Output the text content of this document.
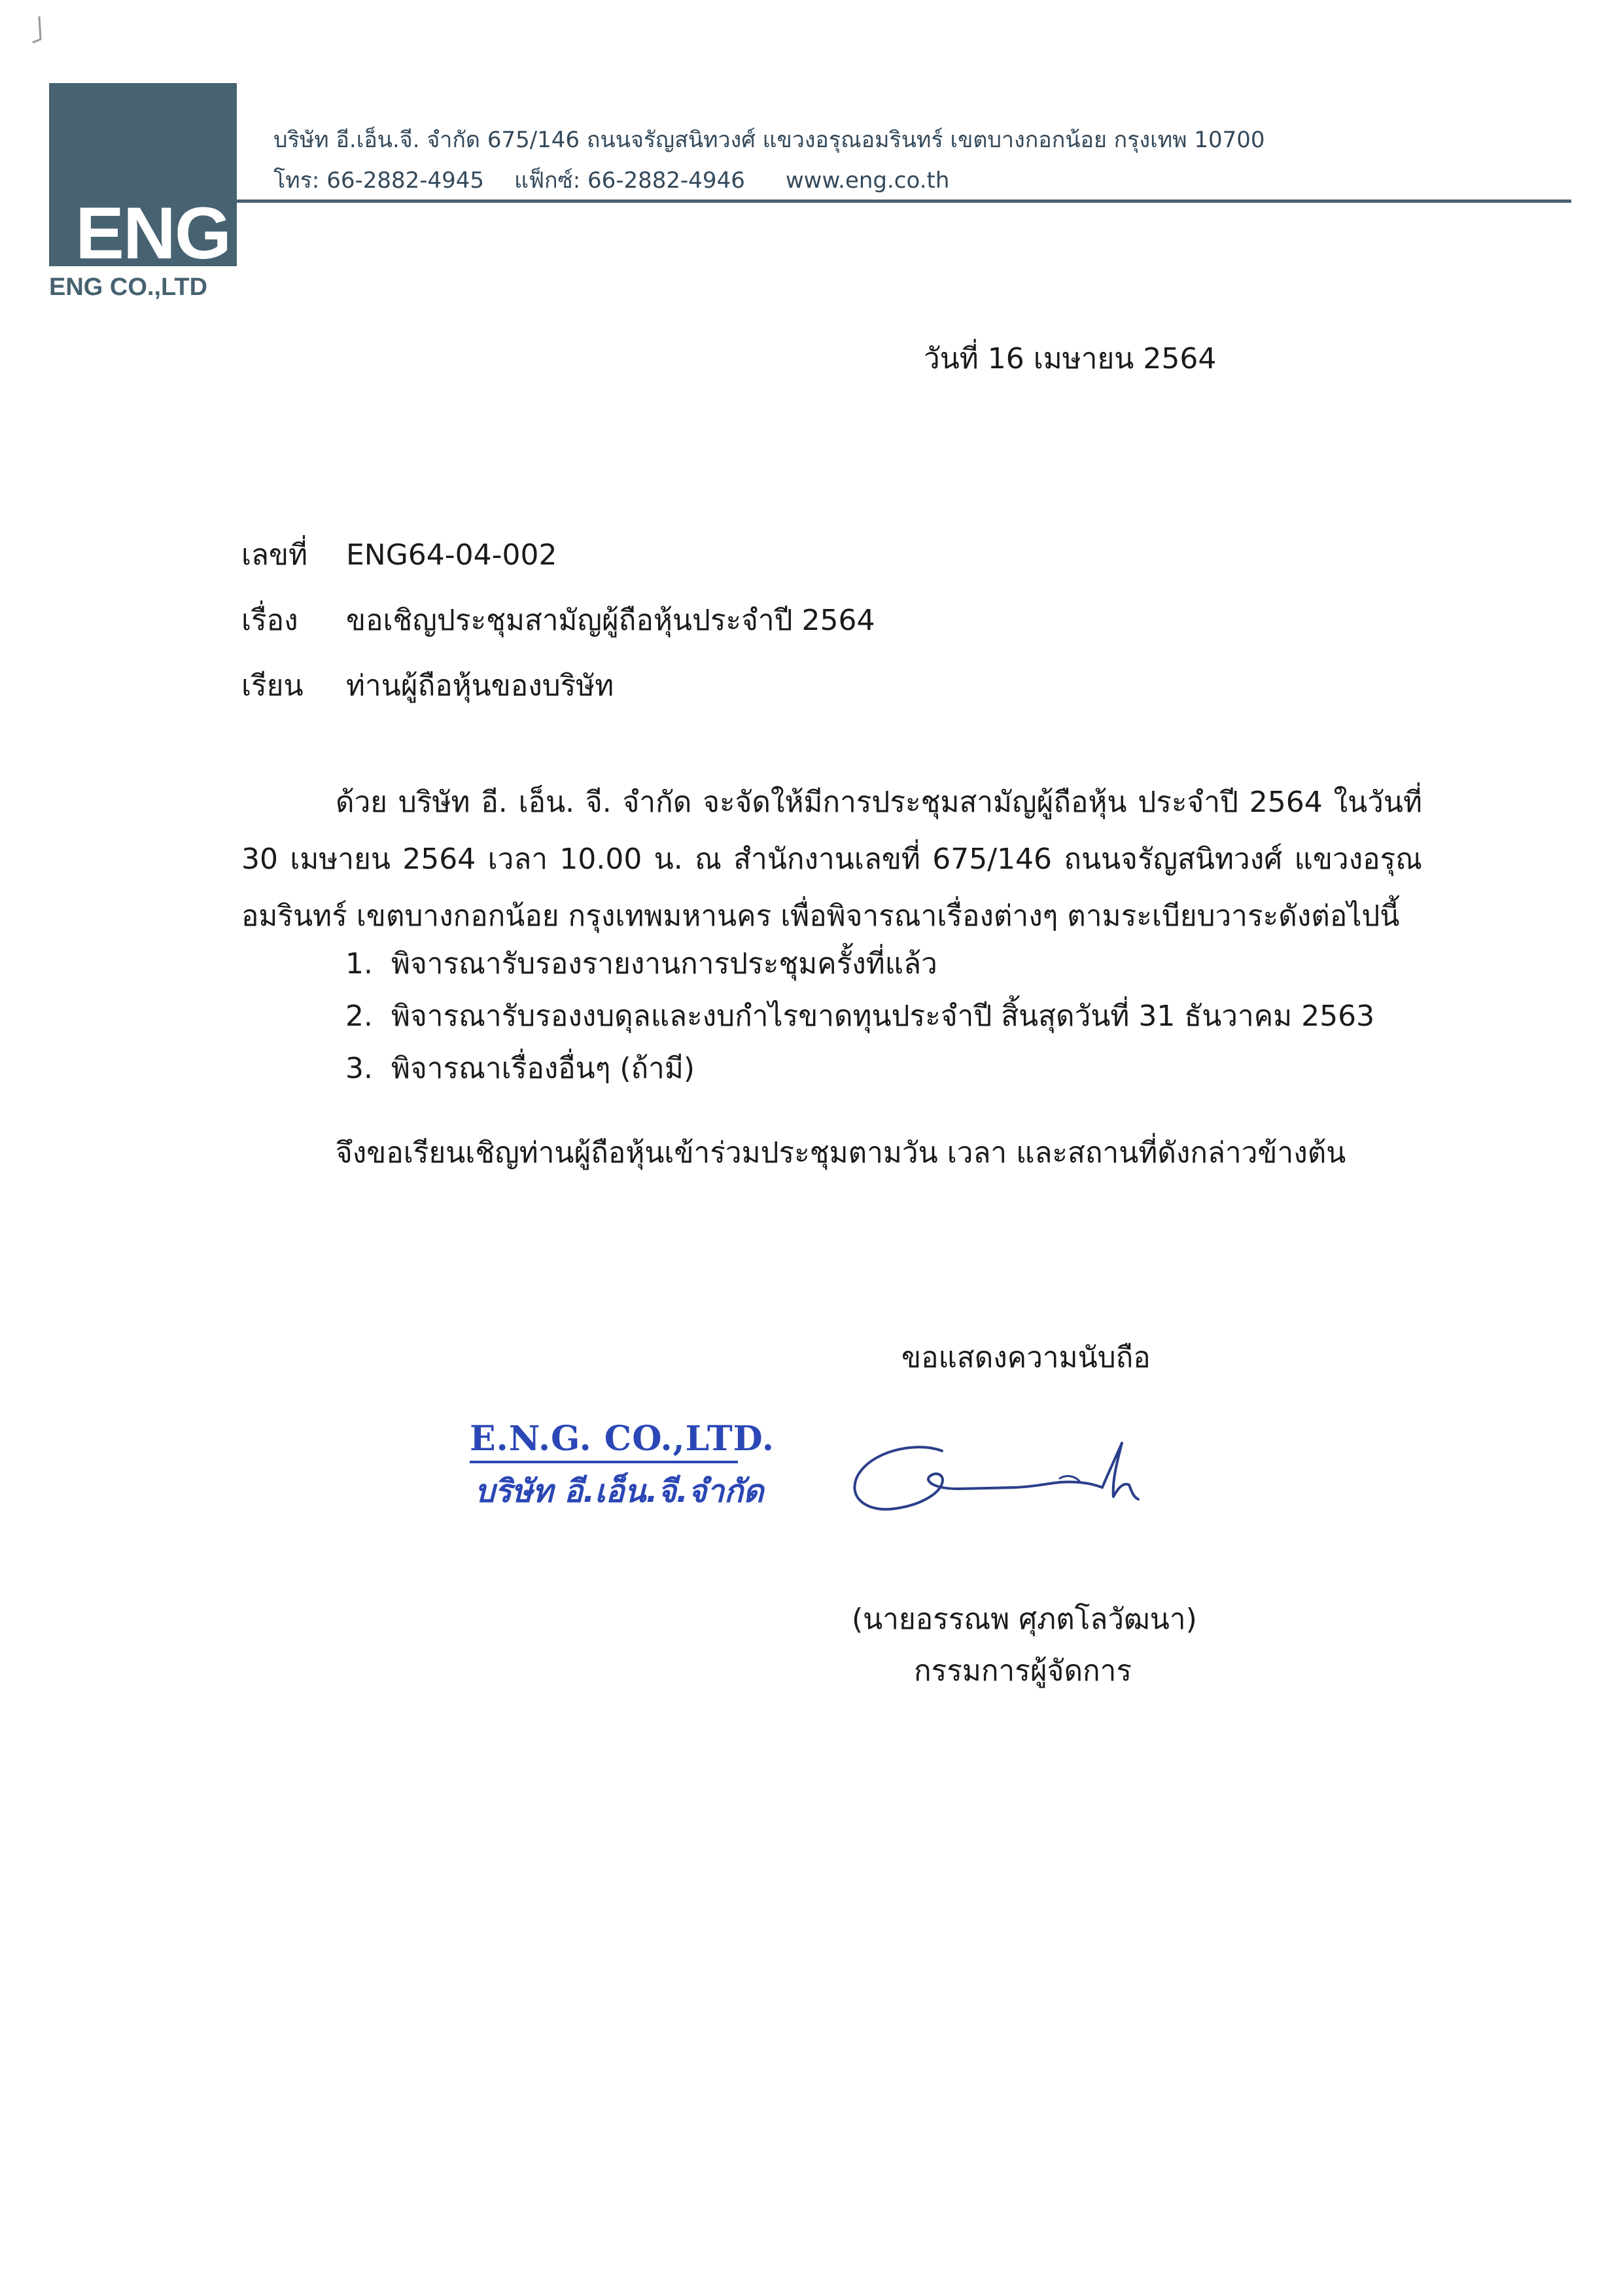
ENG
ENG CO.,LTD
บริษัท อี.เอ็น.จี. จำกัด 675/146 ถนนจรัญสนิทวงศ์ แขวงอรุณอมรินทร์ เขตบางกอกน้อย กรุงเทพ 10700
โทร: 66-2882-4945 แฟ็กซ์: 66-2882-4946 www.eng.co.th
วันที่ 16 เมษายน 2564
เลขที่ ENG64-04-002
เรื่อง ขอเชิญประชุมสามัญผู้ถือหุ้นประจำปี 2564
เรียน ท่านผู้ถือหุ้นของบริษัท
ด้วย บริษัท อี. เอ็น. จี. จำกัด จะจัดให้มีการประชุมสามัญผู้ถือหุ้น ประจำปี 2564 ในวันที่
30 เมษายน 2564 เวลา 10.00 น. ณ สำนักงานเลขที่ 675/146 ถนนจรัญสนิทวงศ์ แขวงอรุณ
อมรินทร์ เขตบางกอกน้อย กรุงเทพมหานคร เพื่อพิจารณาเรื่องต่างๆ ตามระเบียบวาระดังต่อไปนี้
1. พิจารณารับรองรายงานการประชุมครั้งที่แล้ว
2. พิจารณารับรองงบดุลและงบกำไรขาดทุนประจำปี สิ้นสุดวันที่ 31 ธันวาคม 2563
3. พิจารณาเรื่องอื่นๆ (ถ้ามี)
จึงขอเรียนเชิญท่านผู้ถือหุ้นเข้าร่วมประชุมตามวัน เวลา และสถานที่ดังกล่าวข้างต้น
ขอแสดงความนับถือ
E.N.G. CO.,LTD.
บริษัท อี.เอ็น.จี.จำกัด
(นายอรรณพ ศุภตโลวัฒนา)
กรรมการผู้จัดการ
